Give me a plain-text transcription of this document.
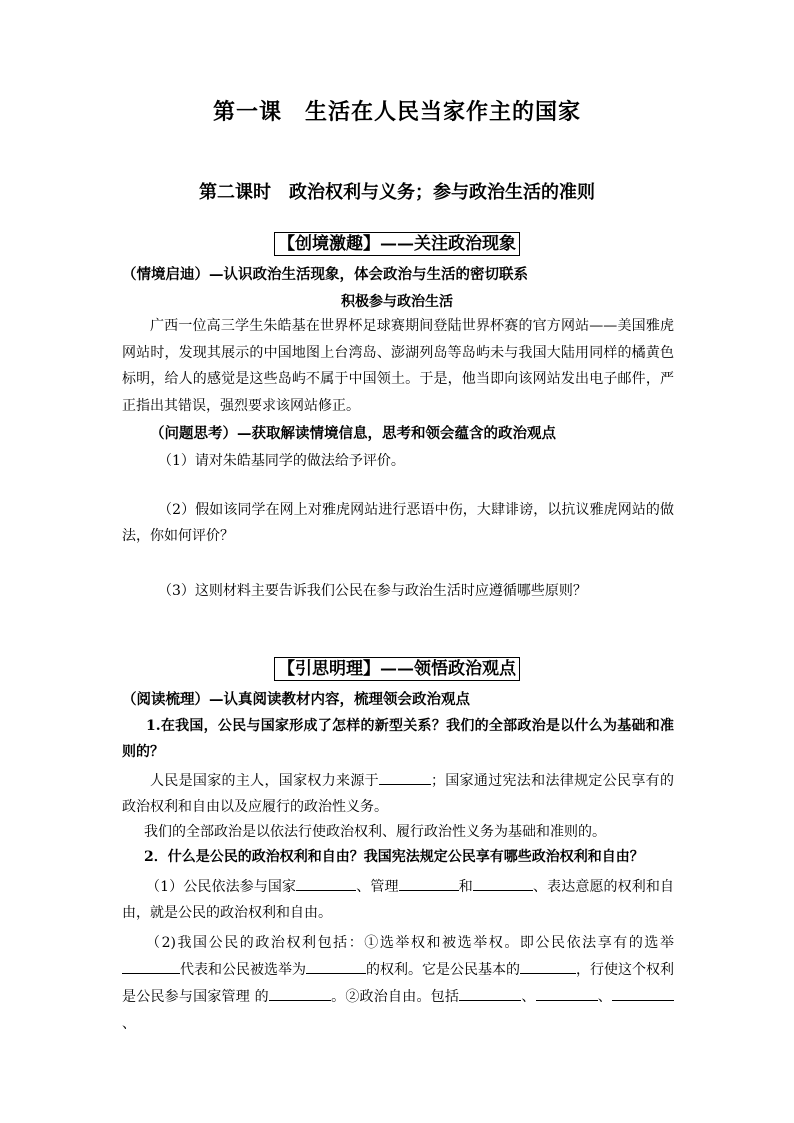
第一课　生活在人民当家作主的国家
第二课时　政治权利与义务；参与政治生活的准则
【创境激趣】——关注政治现象
（情境启迪）—认识政治生活现象，体会政治与生活的密切联系
积极参与政治生活
广西一位高三学生朱皓基在世界杯足球赛期间登陆世界杯赛的官方网站——美国雅虎网站时，发现其展示的中国地图上台湾岛、澎湖列岛等岛屿未与我国大陆用同样的橘黄色标明，给人的感觉是这些岛屿不属于中国领土。于是，他当即向该网站发出电子邮件，严正指出其错误，强烈要求该网站修正。
（问题思考）—获取解读情境信息，思考和领会蕴含的政治观点
（1）请对朱皓基同学的做法给予评价。
（2）假如该同学在网上对雅虎网站进行恶语中伤，大肆诽谤，以抗议雅虎网站的做法，你如何评价？
（3）这则材料主要告诉我们公民在参与政治生活时应遵循哪些原则？
【引思明理】——领悟政治观点
（阅读梳理）—认真阅读教材内容，梳理领会政治观点
1.在我国，公民与国家形成了怎样的新型关系？我们的全部政治是以什么为基础和准则的？
人民是国家的主人，国家权力来源于	；国家通过宪法和法律规定公民享有的政治权利和自由以及应履行的政治性义务。
我们的全部政治是以依法行使政治权利、履行政治性义务为基础和准则的。
2．什么是公民的政治权利和自由？我国宪法规定公民享有哪些政治权利和自由？
（1）公民依法参与国家	、管理	和	、表达意愿的权利和自由，就是公民的政治权利和自由。
（2)我国公民的政治权利包括：①选举权和被选举权。即公民依法享有的选举代表和公民被选举为	的权利。它是公民基本的	，行使这个权利是公民参与国家管理 的	。②政治自由。包括	、	、、
